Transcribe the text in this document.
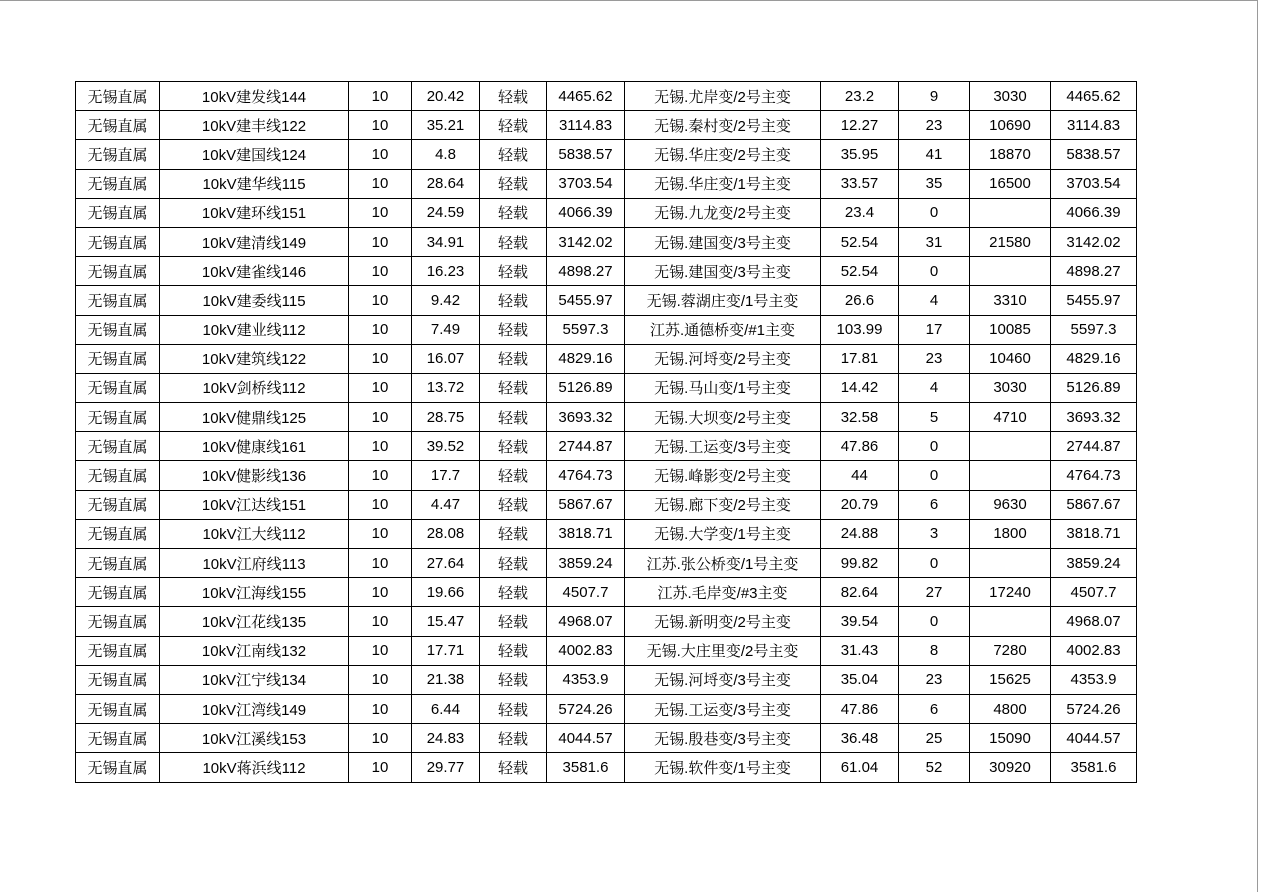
无锡直属	10kV建发线144	10	20.42	轻载	4465.62	无锡.尤岸变/2号主变	23.2	9	3030	4465.62
无锡直属	10kV建丰线122	10	35.21	轻载	3114.83	无锡.秦村变/2号主变	12.27	23	10690	3114.83
无锡直属	10kV建国线124	10	4.8	轻载	5838.57	无锡.华庄变/2号主变	35.95	41	18870	5838.57
无锡直属	10kV建华线115	10	28.64	轻载	3703.54	无锡.华庄变/1号主变	33.57	35	16500	3703.54
无锡直属	10kV建环线151	10	24.59	轻载	4066.39	无锡.九龙变/2号主变	23.4	0		4066.39
无锡直属	10kV建清线149	10	34.91	轻载	3142.02	无锡.建国变/3号主变	52.54	31	21580	3142.02
无锡直属	10kV建雀线146	10	16.23	轻载	4898.27	无锡.建国变/3号主变	52.54	0		4898.27
无锡直属	10kV建委线115	10	9.42	轻载	5455.97	无锡.蓉湖庄变/1号主变	26.6	4	3310	5455.97
无锡直属	10kV建业线112	10	7.49	轻载	5597.3	江苏.通德桥变/#1主变	103.99	17	10085	5597.3
无锡直属	10kV建筑线122	10	16.07	轻载	4829.16	无锡.河埒变/2号主变	17.81	23	10460	4829.16
无锡直属	10kV剑桥线112	10	13.72	轻载	5126.89	无锡.马山变/1号主变	14.42	4	3030	5126.89
无锡直属	10kV健鼎线125	10	28.75	轻载	3693.32	无锡.大坝变/2号主变	32.58	5	4710	3693.32
无锡直属	10kV健康线161	10	39.52	轻载	2744.87	无锡.工运变/3号主变	47.86	0		2744.87
无锡直属	10kV健影线136	10	17.7	轻载	4764.73	无锡.峰影变/2号主变	44	0		4764.73
无锡直属	10kV江达线151	10	4.47	轻载	5867.67	无锡.廊下变/2号主变	20.79	6	9630	5867.67
无锡直属	10kV江大线112	10	28.08	轻载	3818.71	无锡.大学变/1号主变	24.88	3	1800	3818.71
无锡直属	10kV江府线113	10	27.64	轻载	3859.24	江苏.张公桥变/1号主变	99.82	0		3859.24
无锡直属	10kV江海线155	10	19.66	轻载	4507.7	江苏.毛岸变/#3主变	82.64	27	17240	4507.7
无锡直属	10kV江花线135	10	15.47	轻载	4968.07	无锡.新明变/2号主变	39.54	0		4968.07
无锡直属	10kV江南线132	10	17.71	轻载	4002.83	无锡.大庄里变/2号主变	31.43	8	7280	4002.83
无锡直属	10kV江宁线134	10	21.38	轻载	4353.9	无锡.河埒变/3号主变	35.04	23	15625	4353.9
无锡直属	10kV江湾线149	10	6.44	轻载	5724.26	无锡.工运变/3号主变	47.86	6	4800	5724.26
无锡直属	10kV江溪线153	10	24.83	轻载	4044.57	无锡.殷巷变/3号主变	36.48	25	15090	4044.57
无锡直属	10kV蒋浜线112	10	29.77	轻载	3581.6	无锡.软件变/1号主变	61.04	52	30920	3581.6
